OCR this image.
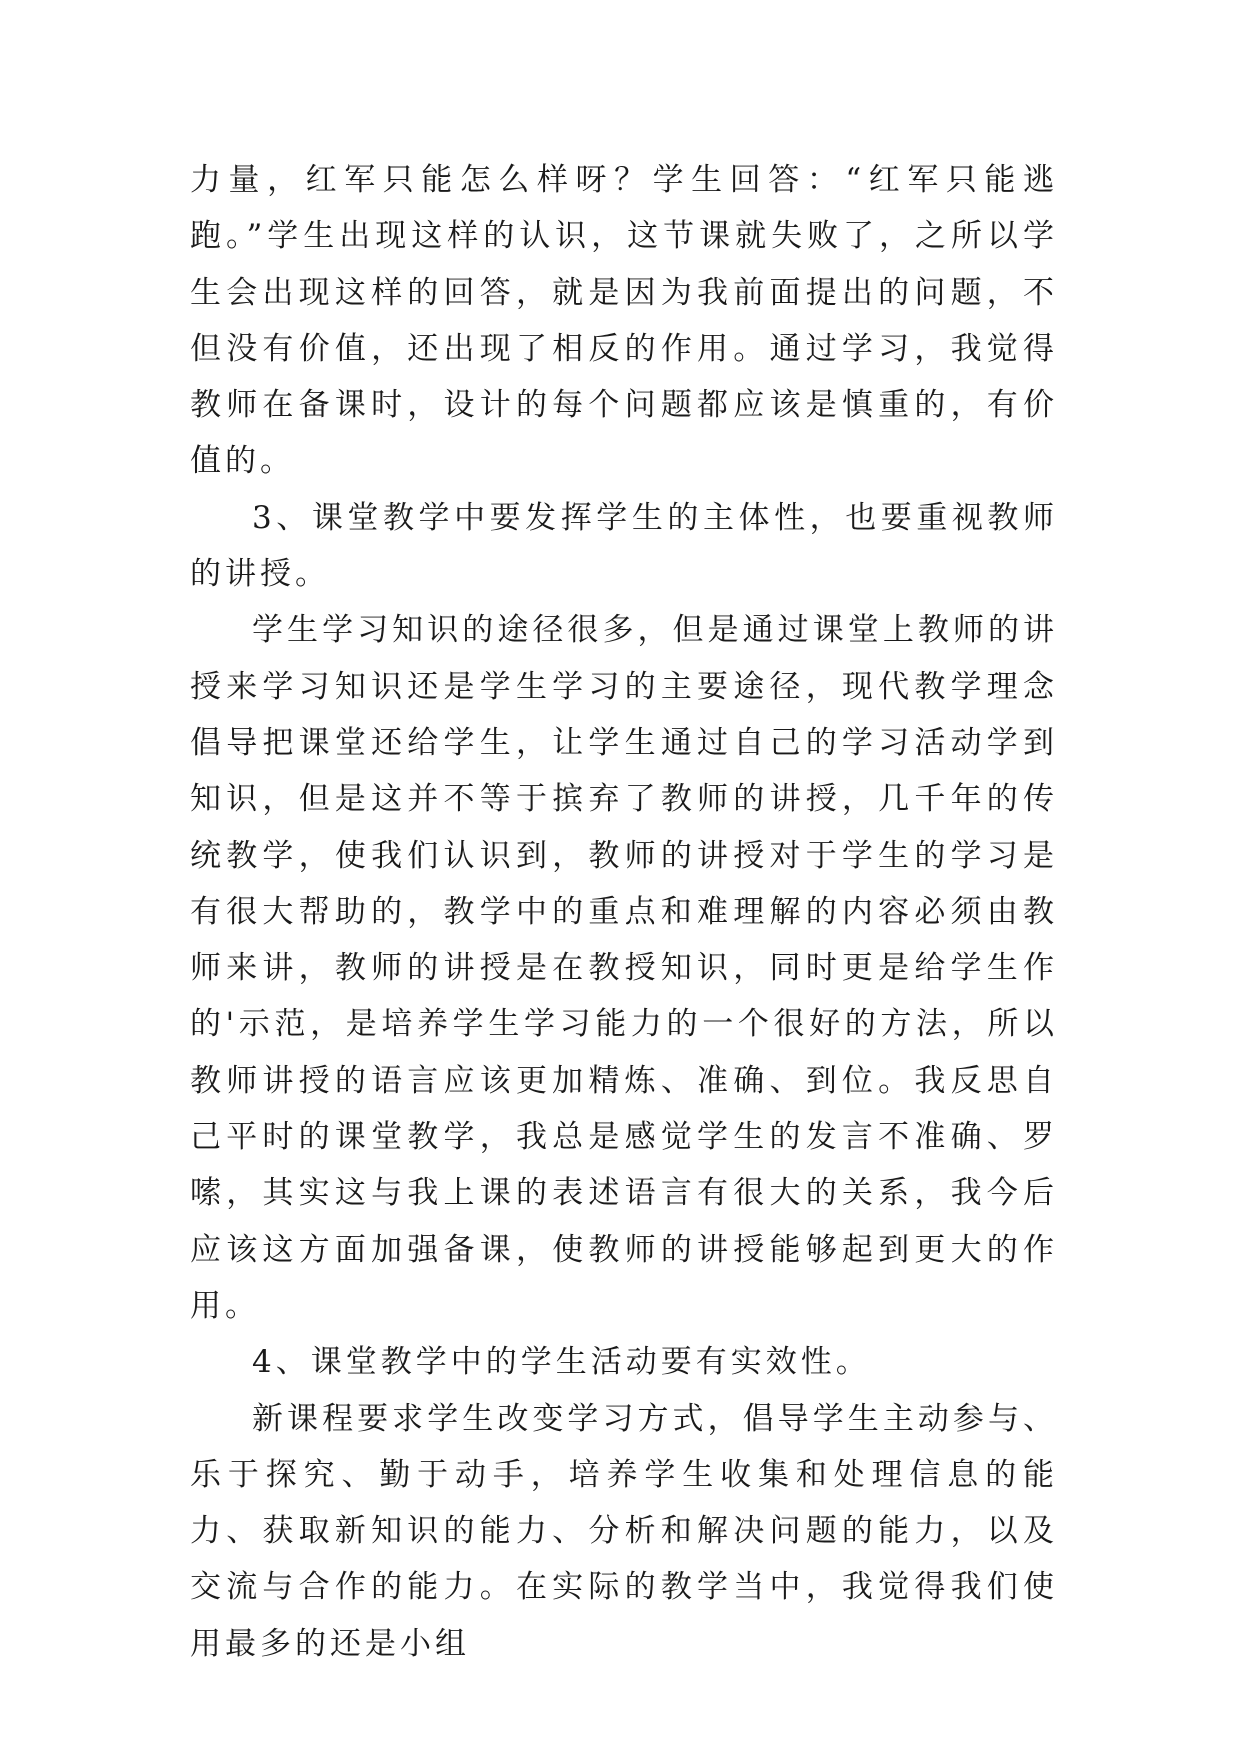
力量，红军只能怎么样呀？学生回答：“红军只能逃跑。”学生出现这样的认识，这节课就失败了，之所以学生会出现这样的回答，就是因为我前面提出的问题，不但没有价值，还出现了相反的作用。通过学习，我觉得教师在备课时，设计的每个问题都应该是慎重的，有价值的。

3、课堂教学中要发挥学生的主体性，也要重视教师的讲授。

学生学习知识的途径很多，但是通过课堂上教师的讲授来学习知识还是学生学习的主要途径，现代教学理念倡导把课堂还给学生，让学生通过自己的学习活动学到知识，但是这并不等于摈弃了教师的讲授，几千年的传统教学，使我们认识到，教师的讲授对于学生的学习是有很大帮助的，教学中的重点和难理解的内容必须由教师来讲，教师的讲授是在教授知识，同时更是给学生作的'示范，是培养学生学习能力的一个很好的方法，所以教师讲授的语言应该更加精炼、准确、到位。我反思自己平时的课堂教学，我总是感觉学生的发言不准确、罗嗦，其实这与我上课的表述语言有很大的关系，我今后应该这方面加强备课，使教师的讲授能够起到更大的作用。

4、课堂教学中的学生活动要有实效性。

新课程要求学生改变学习方式，倡导学生主动参与、乐于探究、勤于动手，培养学生收集和处理信息的能力、获取新知识的能力、分析和解决问题的能力，以及交流与合作的能力。在实际的教学当中，我觉得我们使用最多的还是小组
